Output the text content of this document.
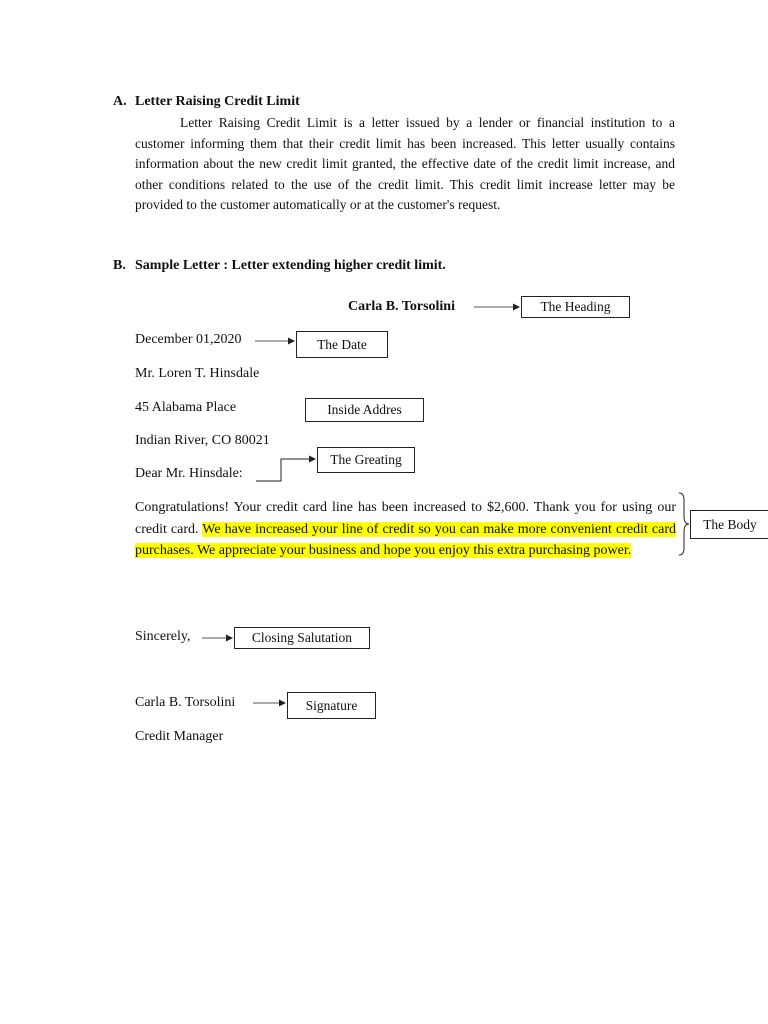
A. Letter Raising Credit Limit
Letter Raising Credit Limit is a letter issued by a lender or financial institution to a customer informing them that their credit limit has been increased. This letter usually contains information about the new credit limit granted, the effective date of the credit limit increase, and other conditions related to the use of the credit limit. This credit limit increase letter may be provided to the customer automatically or at the customer's request.
B. Sample Letter : Letter extending higher credit limit.
Carla B. Torsolini
December 01,2020
Mr. Loren T. Hinsdale
45 Alabama Place
Indian River, CO 80021
Dear Mr. Hinsdale:
Congratulations! Your credit card line has been increased to $2,600. Thank you for using our credit card. We have increased your line of credit so you can make more convenient credit card purchases. We appreciate your business and hope you enjoy this extra purchasing power.
Sincerely,
Carla B. Torsolini
Credit Manager
The Heading
The Date
Inside Addres
The Greating
The Body
Closing Salutation
Signature
